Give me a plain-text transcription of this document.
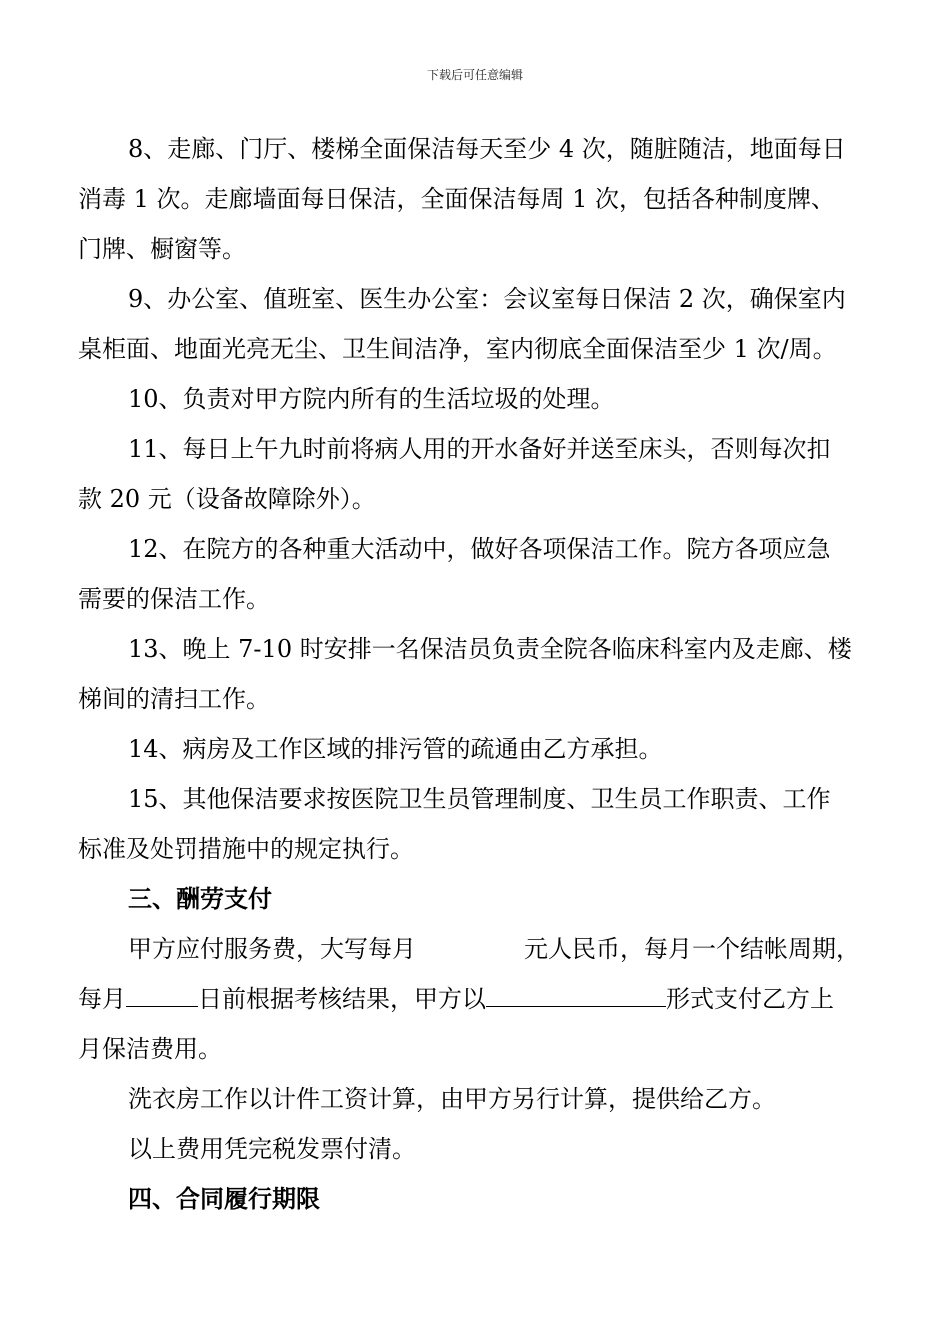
下载后可任意编辑
8、走廊、门厅、楼梯全面保洁每天至少 4 次，随脏随洁，地面每日
消毒 1 次。走廊墙面每日保洁，全面保洁每周 1 次，包括各种制度牌、
门牌、橱窗等。
9、办公室、值班室、医生办公室：会议室每日保洁 2 次，确保室内
桌柜面、地面光亮无尘、卫生间洁净，室内彻底全面保洁至少 1 次/周。
10、负责对甲方院内所有的生活垃圾的处理。
11、每日上午九时前将病人用的开水备好并送至床头，否则每次扣
款 20 元（设备故障除外）。
12、在院方的各种重大活动中，做好各项保洁工作。院方各项应急
需要的保洁工作。
13、晚上 7-10 时安排一名保洁员负责全院各临床科室内及走廊、楼
梯间的清扫工作。
14、病房及工作区域的排污管的疏通由乙方承担。
15、其他保洁要求按医院卫生员管理制度、卫生员工作职责、工作
标准及处罚措施中的规定执行。
三、酬劳支付
甲方应付服务费，大写每月	元人民币，每月一个结帐周期，
每月	日前根据考核结果，甲方以	形式支付乙方上
月保洁费用。
洗衣房工作以计件工资计算，由甲方另行计算，提供给乙方。
以上费用凭完税发票付清。
四、合同履行期限
